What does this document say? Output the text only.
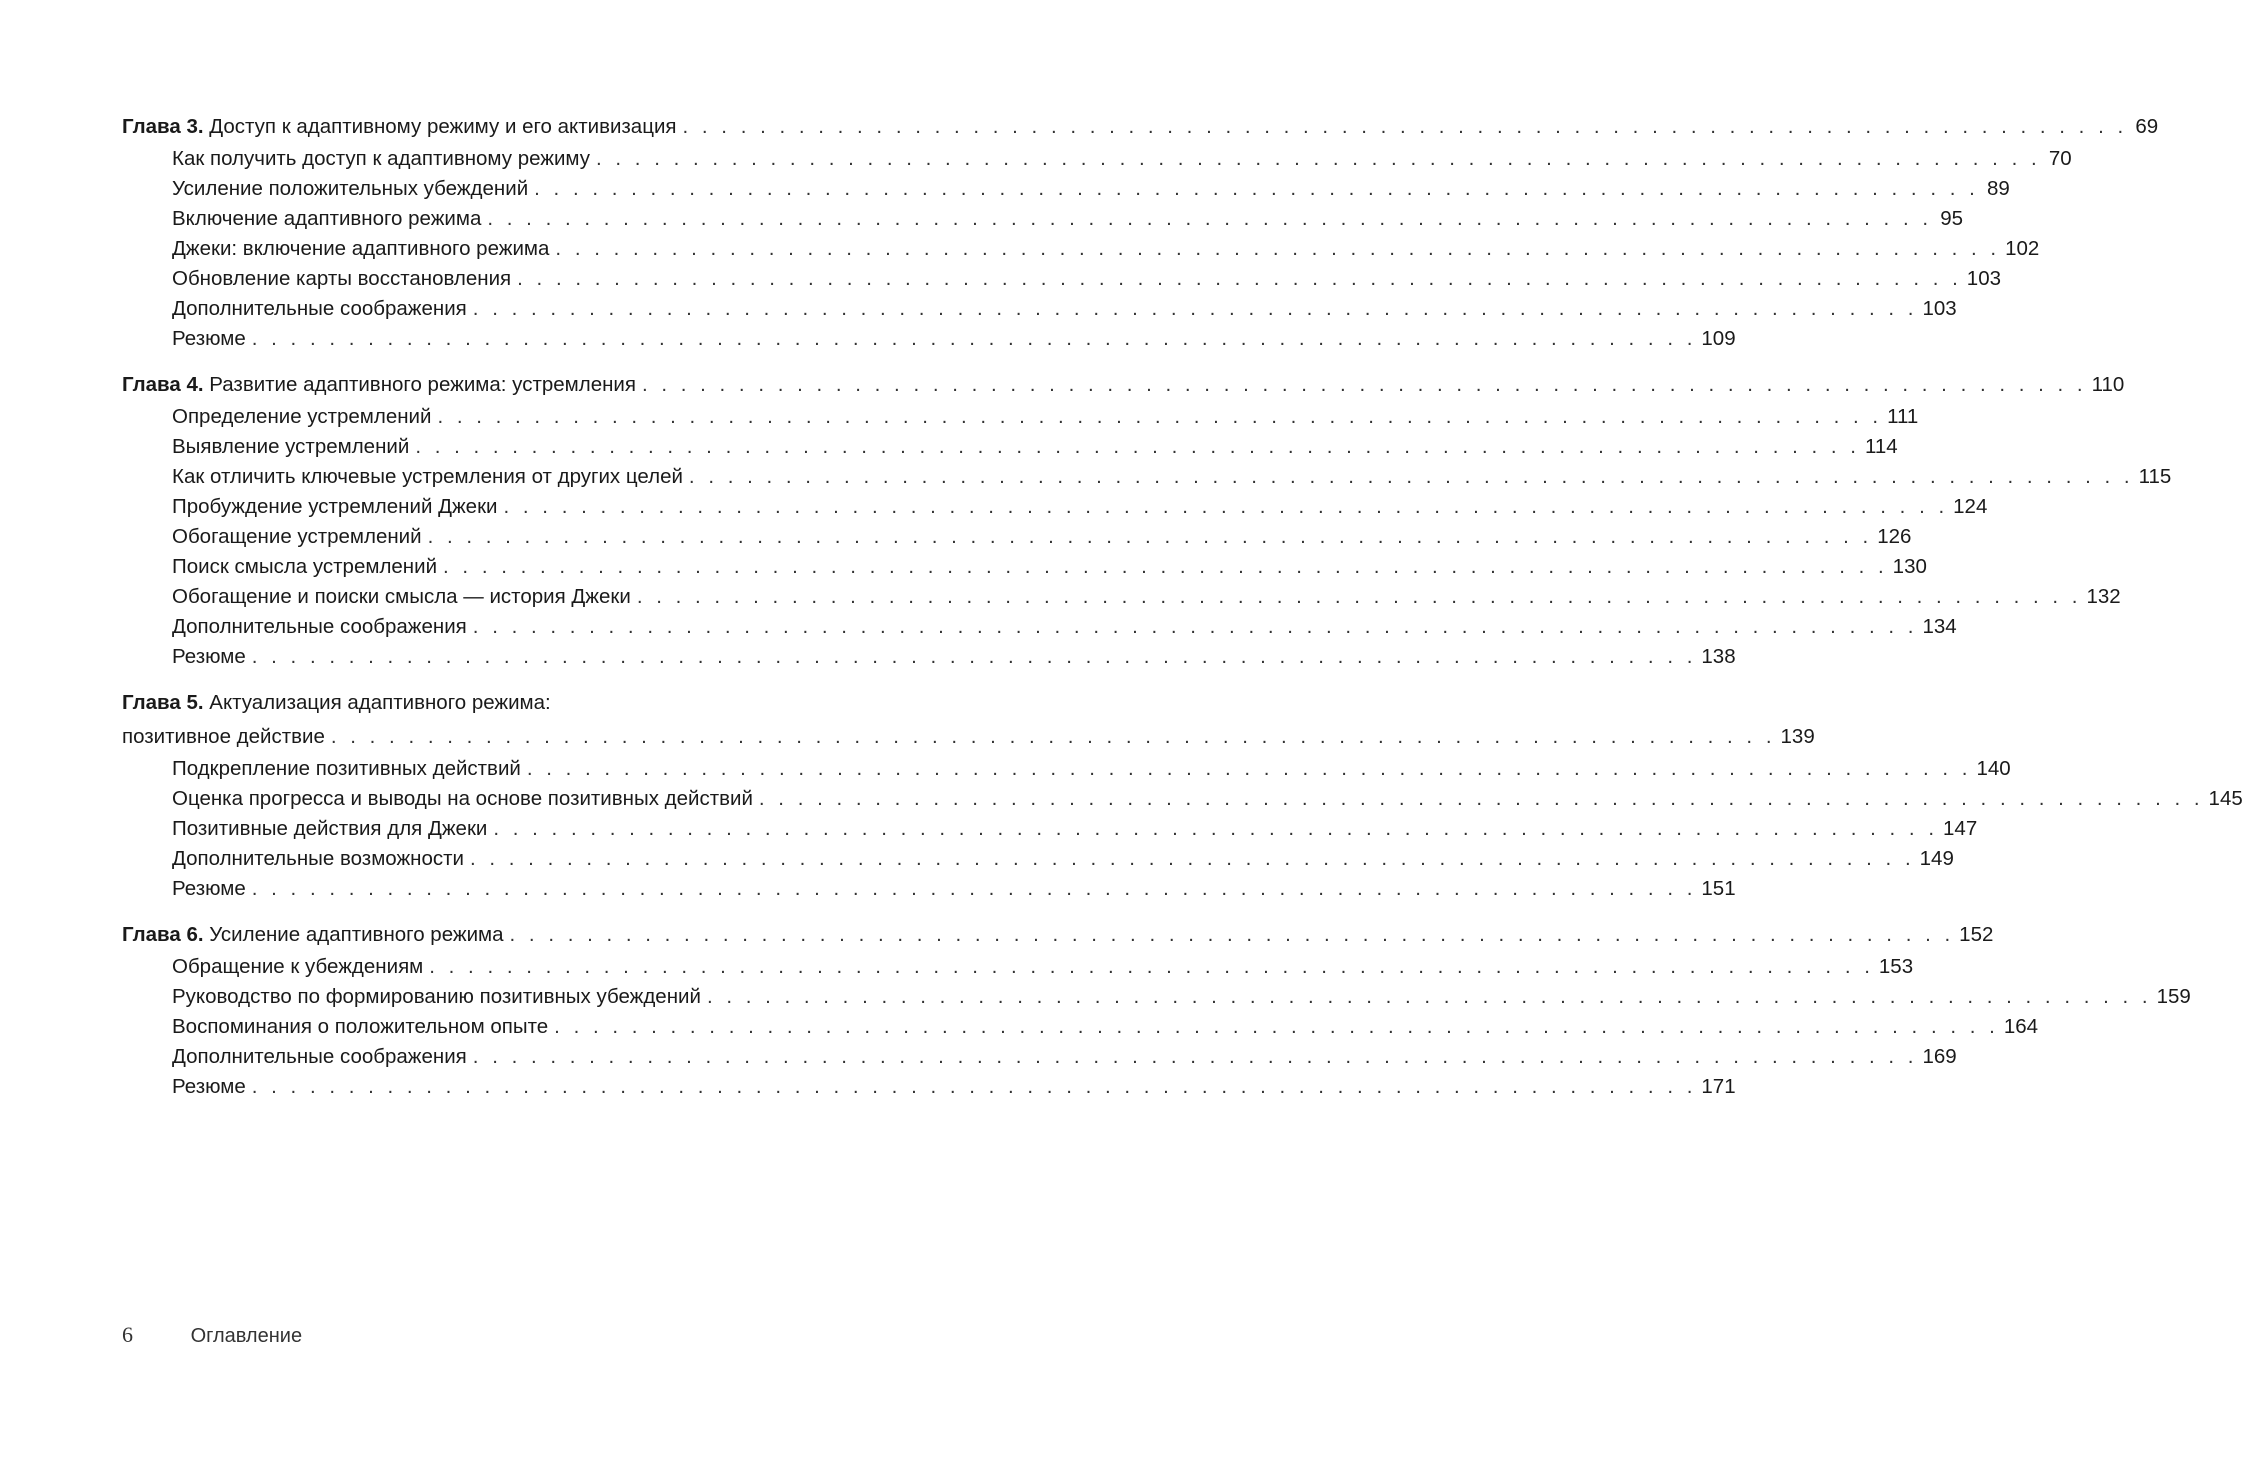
Глава 3. Доступ к адаптивному режиму и его активизация . . . . . . . . . . . . . . . . . . . . . . . . . . . . . . . . . . . . . . . . . . . . . . . . . . . . . . . . . . . . . . . . . . . . . . . . . . . 69
Как получить доступ к адаптивному режиму . . . . . . . . . . . . . . . . . . . . . . . . . . . . . . . . . . . . . . . . . . . . . . . . . . . . . . . . . . . . . . . . . . . . . . . . . . . 70
Усиление положительных убеждений . . . . . . . . . . . . . . . . . . . . . . . . . . . . . . . . . . . . . . . . . . . . . . . . . . . . . . . . . . . . . . . . . . . . . . . . . . . 89
Включение адаптивного режима . . . . . . . . . . . . . . . . . . . . . . . . . . . . . . . . . . . . . . . . . . . . . . . . . . . . . . . . . . . . . . . . . . . . . . . . . . . 95
Джеки: включение адаптивного режима . . . . . . . . . . . . . . . . . . . . . . . . . . . . . . . . . . . . . . . . . . . . . . . . . . . . . . . . . . . . . . . . . . . . . . . . . . . 102
Обновление карты восстановления . . . . . . . . . . . . . . . . . . . . . . . . . . . . . . . . . . . . . . . . . . . . . . . . . . . . . . . . . . . . . . . . . . . . . . . . . . . 103
Дополнительные соображения . . . . . . . . . . . . . . . . . . . . . . . . . . . . . . . . . . . . . . . . . . . . . . . . . . . . . . . . . . . . . . . . . . . . . . . . . . . 103
Резюме . . . . . . . . . . . . . . . . . . . . . . . . . . . . . . . . . . . . . . . . . . . . . . . . . . . . . . . . . . . . . . . . . . . . . . . . . . . 109
Глава 4. Развитие адаптивного режима: устремления . . . . . . . . . . . . . . . . . . . . . . . . . . . . . . . . . . . . . . . . . . . . . . . . . . . . . . . . . . . . . . . . . . . . . . . . . . . 110
Определение устремлений . . . . . . . . . . . . . . . . . . . . . . . . . . . . . . . . . . . . . . . . . . . . . . . . . . . . . . . . . . . . . . . . . . . . . . . . . . . 111
Выявление устремлений . . . . . . . . . . . . . . . . . . . . . . . . . . . . . . . . . . . . . . . . . . . . . . . . . . . . . . . . . . . . . . . . . . . . . . . . . . . 114
Как отличить ключевые устремления от других целей . . . . . . . . . . . . . . . . . . . . . . . . . . . . . . . . . . . . . . . . . . . . . . . . . . . . . . . . . . . . . . . . . . . . . . . . . . . 115
Пробуждение устремлений Джеки . . . . . . . . . . . . . . . . . . . . . . . . . . . . . . . . . . . . . . . . . . . . . . . . . . . . . . . . . . . . . . . . . . . . . . . . . . . 124
Обогащение устремлений . . . . . . . . . . . . . . . . . . . . . . . . . . . . . . . . . . . . . . . . . . . . . . . . . . . . . . . . . . . . . . . . . . . . . . . . . . . 126
Поиск смысла устремлений . . . . . . . . . . . . . . . . . . . . . . . . . . . . . . . . . . . . . . . . . . . . . . . . . . . . . . . . . . . . . . . . . . . . . . . . . . . 130
Обогащение и поиски смысла — история Джеки . . . . . . . . . . . . . . . . . . . . . . . . . . . . . . . . . . . . . . . . . . . . . . . . . . . . . . . . . . . . . . . . . . . . . . . . . . . 132
Дополнительные соображения . . . . . . . . . . . . . . . . . . . . . . . . . . . . . . . . . . . . . . . . . . . . . . . . . . . . . . . . . . . . . . . . . . . . . . . . . . . 134
Резюме . . . . . . . . . . . . . . . . . . . . . . . . . . . . . . . . . . . . . . . . . . . . . . . . . . . . . . . . . . . . . . . . . . . . . . . . . . . 138
Глава 5. Актуализация адаптивного режима:
позитивное действие . . . . . . . . . . . . . . . . . . . . . . . . . . . . . . . . . . . . . . . . . . . . . . . . . . . . . . . . . . . . . . . . . . . . . . . . . . . 139
Подкрепление позитивных действий . . . . . . . . . . . . . . . . . . . . . . . . . . . . . . . . . . . . . . . . . . . . . . . . . . . . . . . . . . . . . . . . . . . . . . . . . . . 140
Оценка прогресса и выводы на основе позитивных действий . . . . . . . . . . . . . . . . . . . . . . . . . . . . . . . . . . . . . . . . . . . . . . . . . . . . . . . . . . . . . . . . . . . . . . . . . . . 145
Позитивные действия для Джеки . . . . . . . . . . . . . . . . . . . . . . . . . . . . . . . . . . . . . . . . . . . . . . . . . . . . . . . . . . . . . . . . . . . . . . . . . . . 147
Дополнительные возможности . . . . . . . . . . . . . . . . . . . . . . . . . . . . . . . . . . . . . . . . . . . . . . . . . . . . . . . . . . . . . . . . . . . . . . . . . . . 149
Резюме . . . . . . . . . . . . . . . . . . . . . . . . . . . . . . . . . . . . . . . . . . . . . . . . . . . . . . . . . . . . . . . . . . . . . . . . . . . 151
Глава 6. Усиление адаптивного режима . . . . . . . . . . . . . . . . . . . . . . . . . . . . . . . . . . . . . . . . . . . . . . . . . . . . . . . . . . . . . . . . . . . . . . . . . . . 152
Обращение к убеждениям . . . . . . . . . . . . . . . . . . . . . . . . . . . . . . . . . . . . . . . . . . . . . . . . . . . . . . . . . . . . . . . . . . . . . . . . . . . 153
Руководство по формированию позитивных убеждений . . . . . . . . . . . . . . . . . . . . . . . . . . . . . . . . . . . . . . . . . . . . . . . . . . . . . . . . . . . . . . . . . . . . . . . . . . . 159
Воспоминания о положительном опыте . . . . . . . . . . . . . . . . . . . . . . . . . . . . . . . . . . . . . . . . . . . . . . . . . . . . . . . . . . . . . . . . . . . . . . . . . . . 164
Дополнительные соображения . . . . . . . . . . . . . . . . . . . . . . . . . . . . . . . . . . . . . . . . . . . . . . . . . . . . . . . . . . . . . . . . . . . . . . . . . . . 169
Резюме . . . . . . . . . . . . . . . . . . . . . . . . . . . . . . . . . . . . . . . . . . . . . . . . . . . . . . . . . . . . . . . . . . . . . . . . . . . 171
6	Оглавление
